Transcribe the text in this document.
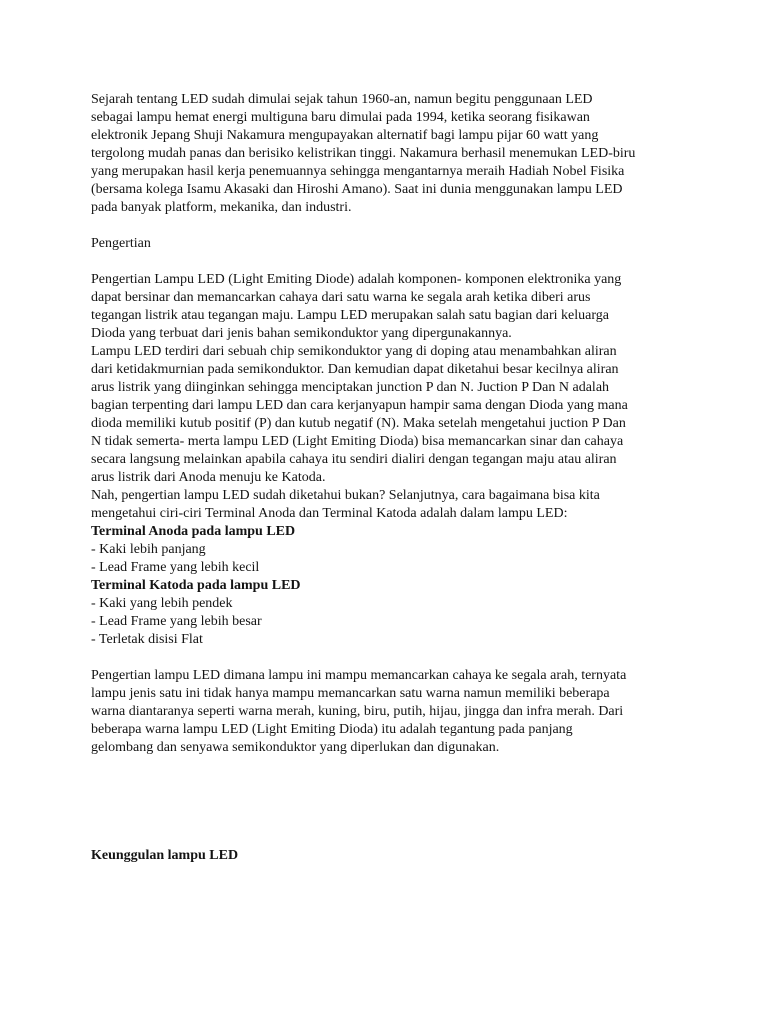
Sejarah tentang LED sudah dimulai sejak tahun 1960-an, namun begitu penggunaan LED
sebagai lampu hemat energi multiguna baru dimulai pada 1994, ketika seorang fisikawan
elektronik Jepang Shuji Nakamura mengupayakan alternatif bagi lampu pijar 60 watt yang
tergolong mudah panas dan berisiko kelistrikan tinggi. Nakamura berhasil menemukan LED-biru
yang merupakan hasil kerja penemuannya sehingga mengantarnya meraih Hadiah Nobel Fisika
(bersama kolega Isamu Akasaki dan Hiroshi Amano). Saat ini dunia menggunakan lampu LED
pada banyak platform, mekanika, dan industri.

Pengertian

Pengertian Lampu LED (Light Emiting Diode) adalah komponen- komponen elektronika yang
dapat bersinar dan memancarkan cahaya dari satu warna ke segala arah ketika diberi arus
tegangan listrik atau tegangan maju. Lampu LED merupakan salah satu bagian dari keluarga
Dioda yang terbuat dari jenis bahan semikonduktor yang dipergunakannya.
Lampu LED terdiri dari sebuah chip semikonduktor yang di doping atau menambahkan aliran
dari ketidakmurnian pada semikonduktor. Dan kemudian dapat diketahui besar kecilnya aliran
arus listrik yang diinginkan sehingga menciptakan junction P dan N. Juction P Dan N adalah
bagian terpenting dari lampu LED dan cara kerjanyapun hampir sama dengan Dioda yang mana
dioda memiliki kutub positif (P) dan kutub negatif (N). Maka setelah mengetahui juction P Dan
N tidak semerta- merta lampu LED (Light Emiting Dioda) bisa memancarkan sinar dan cahaya
secara langsung melainkan apabila cahaya itu sendiri dialiri dengan tegangan maju atau aliran
arus listrik dari Anoda menuju ke Katoda.
Nah, pengertian lampu LED sudah diketahui bukan? Selanjutnya, cara bagaimana bisa kita
mengetahui ciri-ciri Terminal Anoda dan Terminal Katoda adalah dalam lampu LED:

Terminal Anoda pada lampu LED
- Kaki lebih panjang
- Lead Frame yang lebih kecil

Terminal Katoda pada lampu LED
- Kaki yang lebih pendek
- Lead Frame yang lebih besar
- Terletak disisi Flat

Pengertian lampu LED dimana lampu ini mampu memancarkan cahaya ke segala arah, ternyata
lampu jenis satu ini tidak hanya mampu memancarkan satu warna namun memiliki beberapa
warna diantaranya seperti warna merah, kuning, biru, putih, hijau, jingga dan infra merah. Dari
beberapa warna lampu LED (Light Emiting Dioda) itu adalah tegantung pada panjang
gelombang dan senyawa semikonduktor yang diperlukan dan digunakan.

Keunggulan lampu LED
